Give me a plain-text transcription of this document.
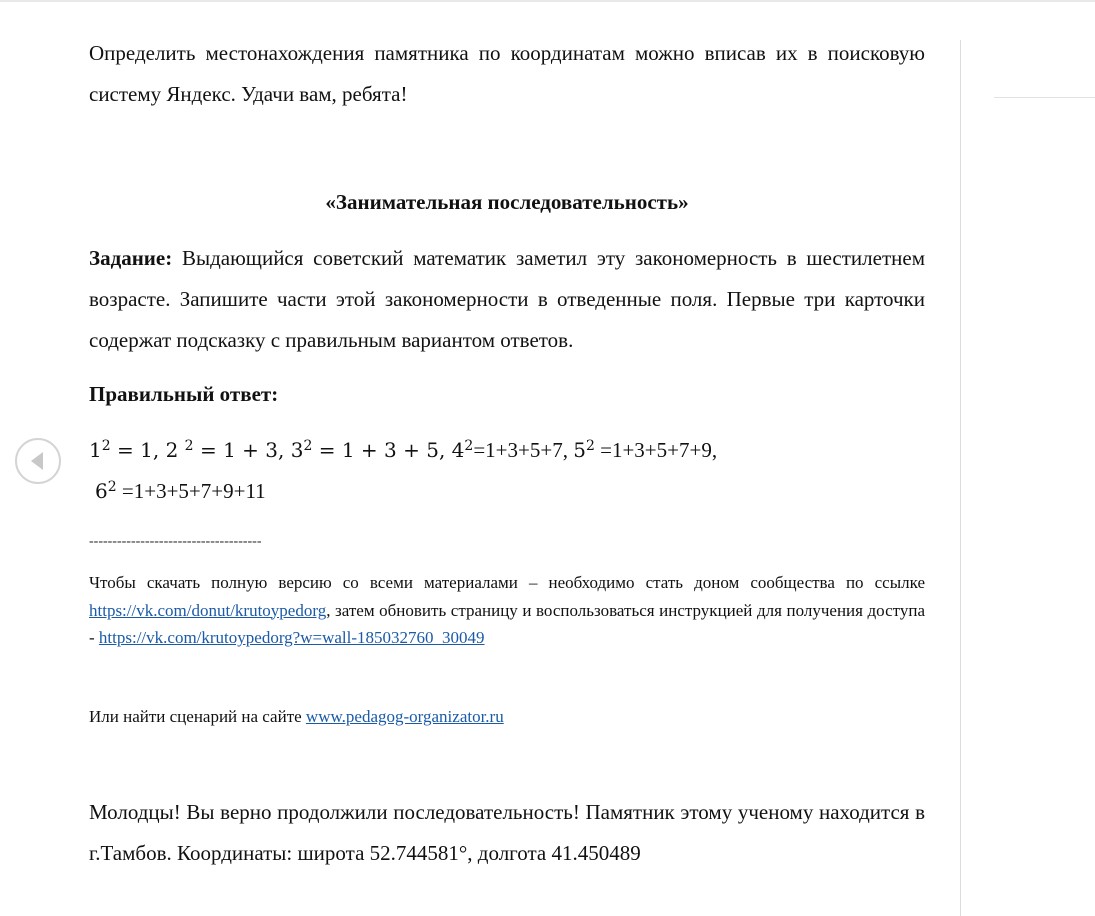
Определить местонахождения памятника по координатам можно вписав их в поисковую систему Яндекс. Удачи вам, ребята!

«Занимательная последовательность»

Задание: Выдающийся советский математик заметил эту закономерность в шестилетнем возрасте. Запишите части этой закономерности в отведенные поля. Первые три карточки содержат подсказку с правильным вариантом ответов.

Правильный ответ:

$1^2 = 1$, 2 $^2$ = 1 + 3, $3^2 = 1 + 3 + 5$, $4^2=1+3+5+7$, $5^2 =1+3+5+7+9$,
$6^2 =1+3+5+7+9+11$
-------------------------------------

Чтобы скачать полную версию со всеми материалами – необходимо стать доном сообщества по ссылке https://vk.com/donut/krutoypedorg, затем обновить страницу и воспользоваться инструкцией для получения доступа - https://vk.com/krutoypedorg?w=wall-185032760_30049

Или найти сценарий на сайте www.pedagog-organizator.ru

Молодцы! Вы верно продолжили последовательность! Памятник этому ученому находится в г.Тамбов. Координаты: широта 52.744581°, долгота 41.450489
